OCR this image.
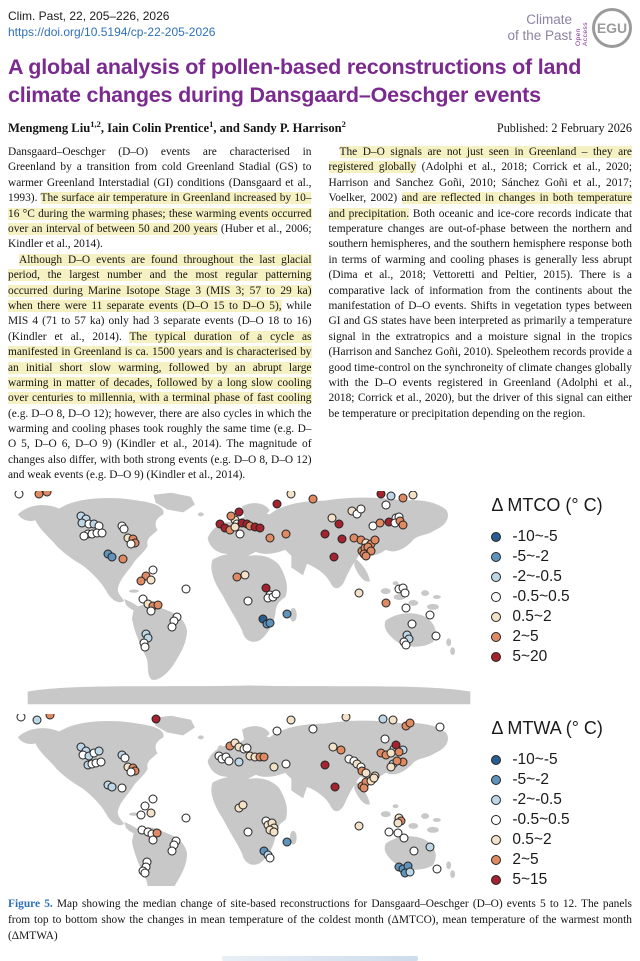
Clim. Past, 22, 205–226, 2026
https://doi.org/10.5194/cp-22-205-2026
Climate
of the Past Open Access EGU
A global analysis of pollen-based reconstructions of land climate changes during Dansgaard–Oeschger events
Mengmeng Liu$^{1,2}$, Iain Colin Prentice$^1$, and Sandy P. Harrison$^2$	Published: 2 February 2026

Dansgaard–Oeschger (D–O) events are characterised in Greenland by a transition from cold Greenland Stadial (GS) to warmer Greenland Interstadial (GI) conditions (Dansgaard et al., 1993). The surface air temperature in Greenland increased by 10–16 °C during the warming phases; these warming events occurred over an interval of between 50 and 200 years (Huber et al., 2006; Kindler et al., 2014).

Although D–O events are found throughout the last glacial period, the largest number and the most regular patterning occurred during Marine Isotope Stage 3 (MIS 3; 57 to 29 ka) when there were 11 separate events (D–O 15 to D–O 5), while MIS 4 (71 to 57 ka) only had 3 separate events (D–O 18 to 16) (Kindler et al., 2014). The typical duration of a cycle as manifested in Greenland is ca. 1500 years and is characterised by an initial short slow warming, followed by an abrupt large warming in matter of decades, followed by a long slow cooling over centuries to millennia, with a terminal phase of fast cooling (e.g. D–O 8, D–O 12); however, there are also cycles in which the warming and cooling phases took roughly the same time (e.g. D–O 5, D–O 6, D–O 9) (Kindler et al., 2014). The magnitude of changes also differ, with both strong events (e.g. D–O 8, D–O 12) and weak events (e.g. D–O 9) (Kindler et al., 2014).

The D–O signals are not just seen in Greenland – they are registered globally (Adolphi et al., 2018; Corrick et al., 2020; Harrison and Sanchez Goñi, 2010; Sánchez Goñi et al., 2017; Voelker, 2002) and are reflected in changes in both temperature and precipitation. Both oceanic and ice-core records indicate that temperature changes are out-of-phase between the northern and southern hemispheres, and the southern hemisphere response both in terms of warming and cooling phases is generally less abrupt (Dima et al., 2018; Vettoretti and Peltier, 2015). There is a comparative lack of information from the continents about the manifestation of D–O events. Shifts in vegetation types between GI and GS states have been interpreted as primarily a temperature signal in the extratropics and a moisture signal in the tropics (Harrison and Sanchez Goñi, 2010). Speleothem records provide a good time-control on the synchroneity of climate changes globally with the D–O events registered in Greenland (Adolphi et al., 2018; Corrick et al., 2020), but the driver of this signal can either be temperature or precipitation depending on the region.

Δ MTCO (° C)
-10~-5
-5~-2
-2~-0.5
-0.5~0.5
0.5~2
2~5
5~20
Δ MTWA (° C)
-10~-5
-5~-2
-2~-0.5
-0.5~0.5
0.5~2
2~5
5~15

Figure 5. Map showing the median change of site-based reconstructions for Dansgaard–Oeschger (D–O) events 5 to 12. The panels from top to bottom show the changes in mean temperature of the coldest month (ΔMTCO), mean temperature of the warmest month (ΔMTWA)
